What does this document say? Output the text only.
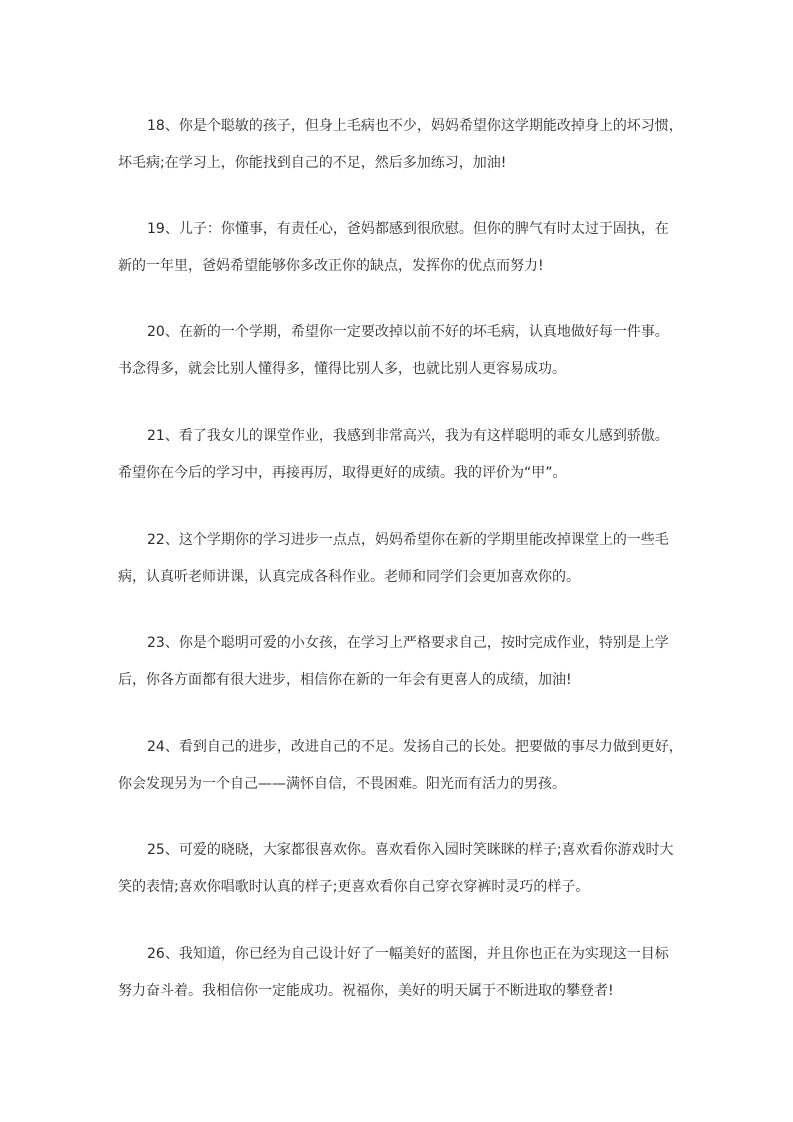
18、你是个聪敏的孩子，但身上毛病也不少，妈妈希望你这学期能改掉身上的坏习惯，
坏毛病;在学习上，你能找到自己的不足，然后多加练习，加油!
19、儿子：你懂事，有责任心，爸妈都感到很欣慰。但你的脾气有时太过于固执，在
新的一年里，爸妈希望能够你多改正你的缺点，发挥你的优点而努力!
20、在新的一个学期，希望你一定要改掉以前不好的坏毛病，认真地做好每一件事。
书念得多，就会比别人懂得多，懂得比别人多，也就比别人更容易成功。
21、看了我女儿的课堂作业，我感到非常高兴，我为有这样聪明的乖女儿感到骄傲。
希望你在今后的学习中，再接再厉，取得更好的成绩。我的评价为“甲”。
22、这个学期你的学习进步一点点，妈妈希望你在新的学期里能改掉课堂上的一些毛
病，认真听老师讲课，认真完成各科作业。老师和同学们会更加喜欢你的。
23、你是个聪明可爱的小女孩，在学习上严格要求自己，按时完成作业，特别是上学
后，你各方面都有很大进步，相信你在新的一年会有更喜人的成绩，加油!
24、看到自己的进步，改进自己的不足。发扬自己的长处。把要做的事尽力做到更好，
你会发现另为一个自己——满怀自信，不畏困难。阳光而有活力的男孩。
25、可爱的晓晓，大家都很喜欢你。喜欢看你入园时笑眯眯的样子;喜欢看你游戏时大
笑的表情;喜欢你唱歌时认真的样子;更喜欢看你自己穿衣穿裤时灵巧的样子。
26、我知道，你已经为自己设计好了一幅美好的蓝图，并且你也正在为实现这一目标
努力奋斗着。我相信你一定能成功。祝福你，美好的明天属于不断进取的攀登者!
